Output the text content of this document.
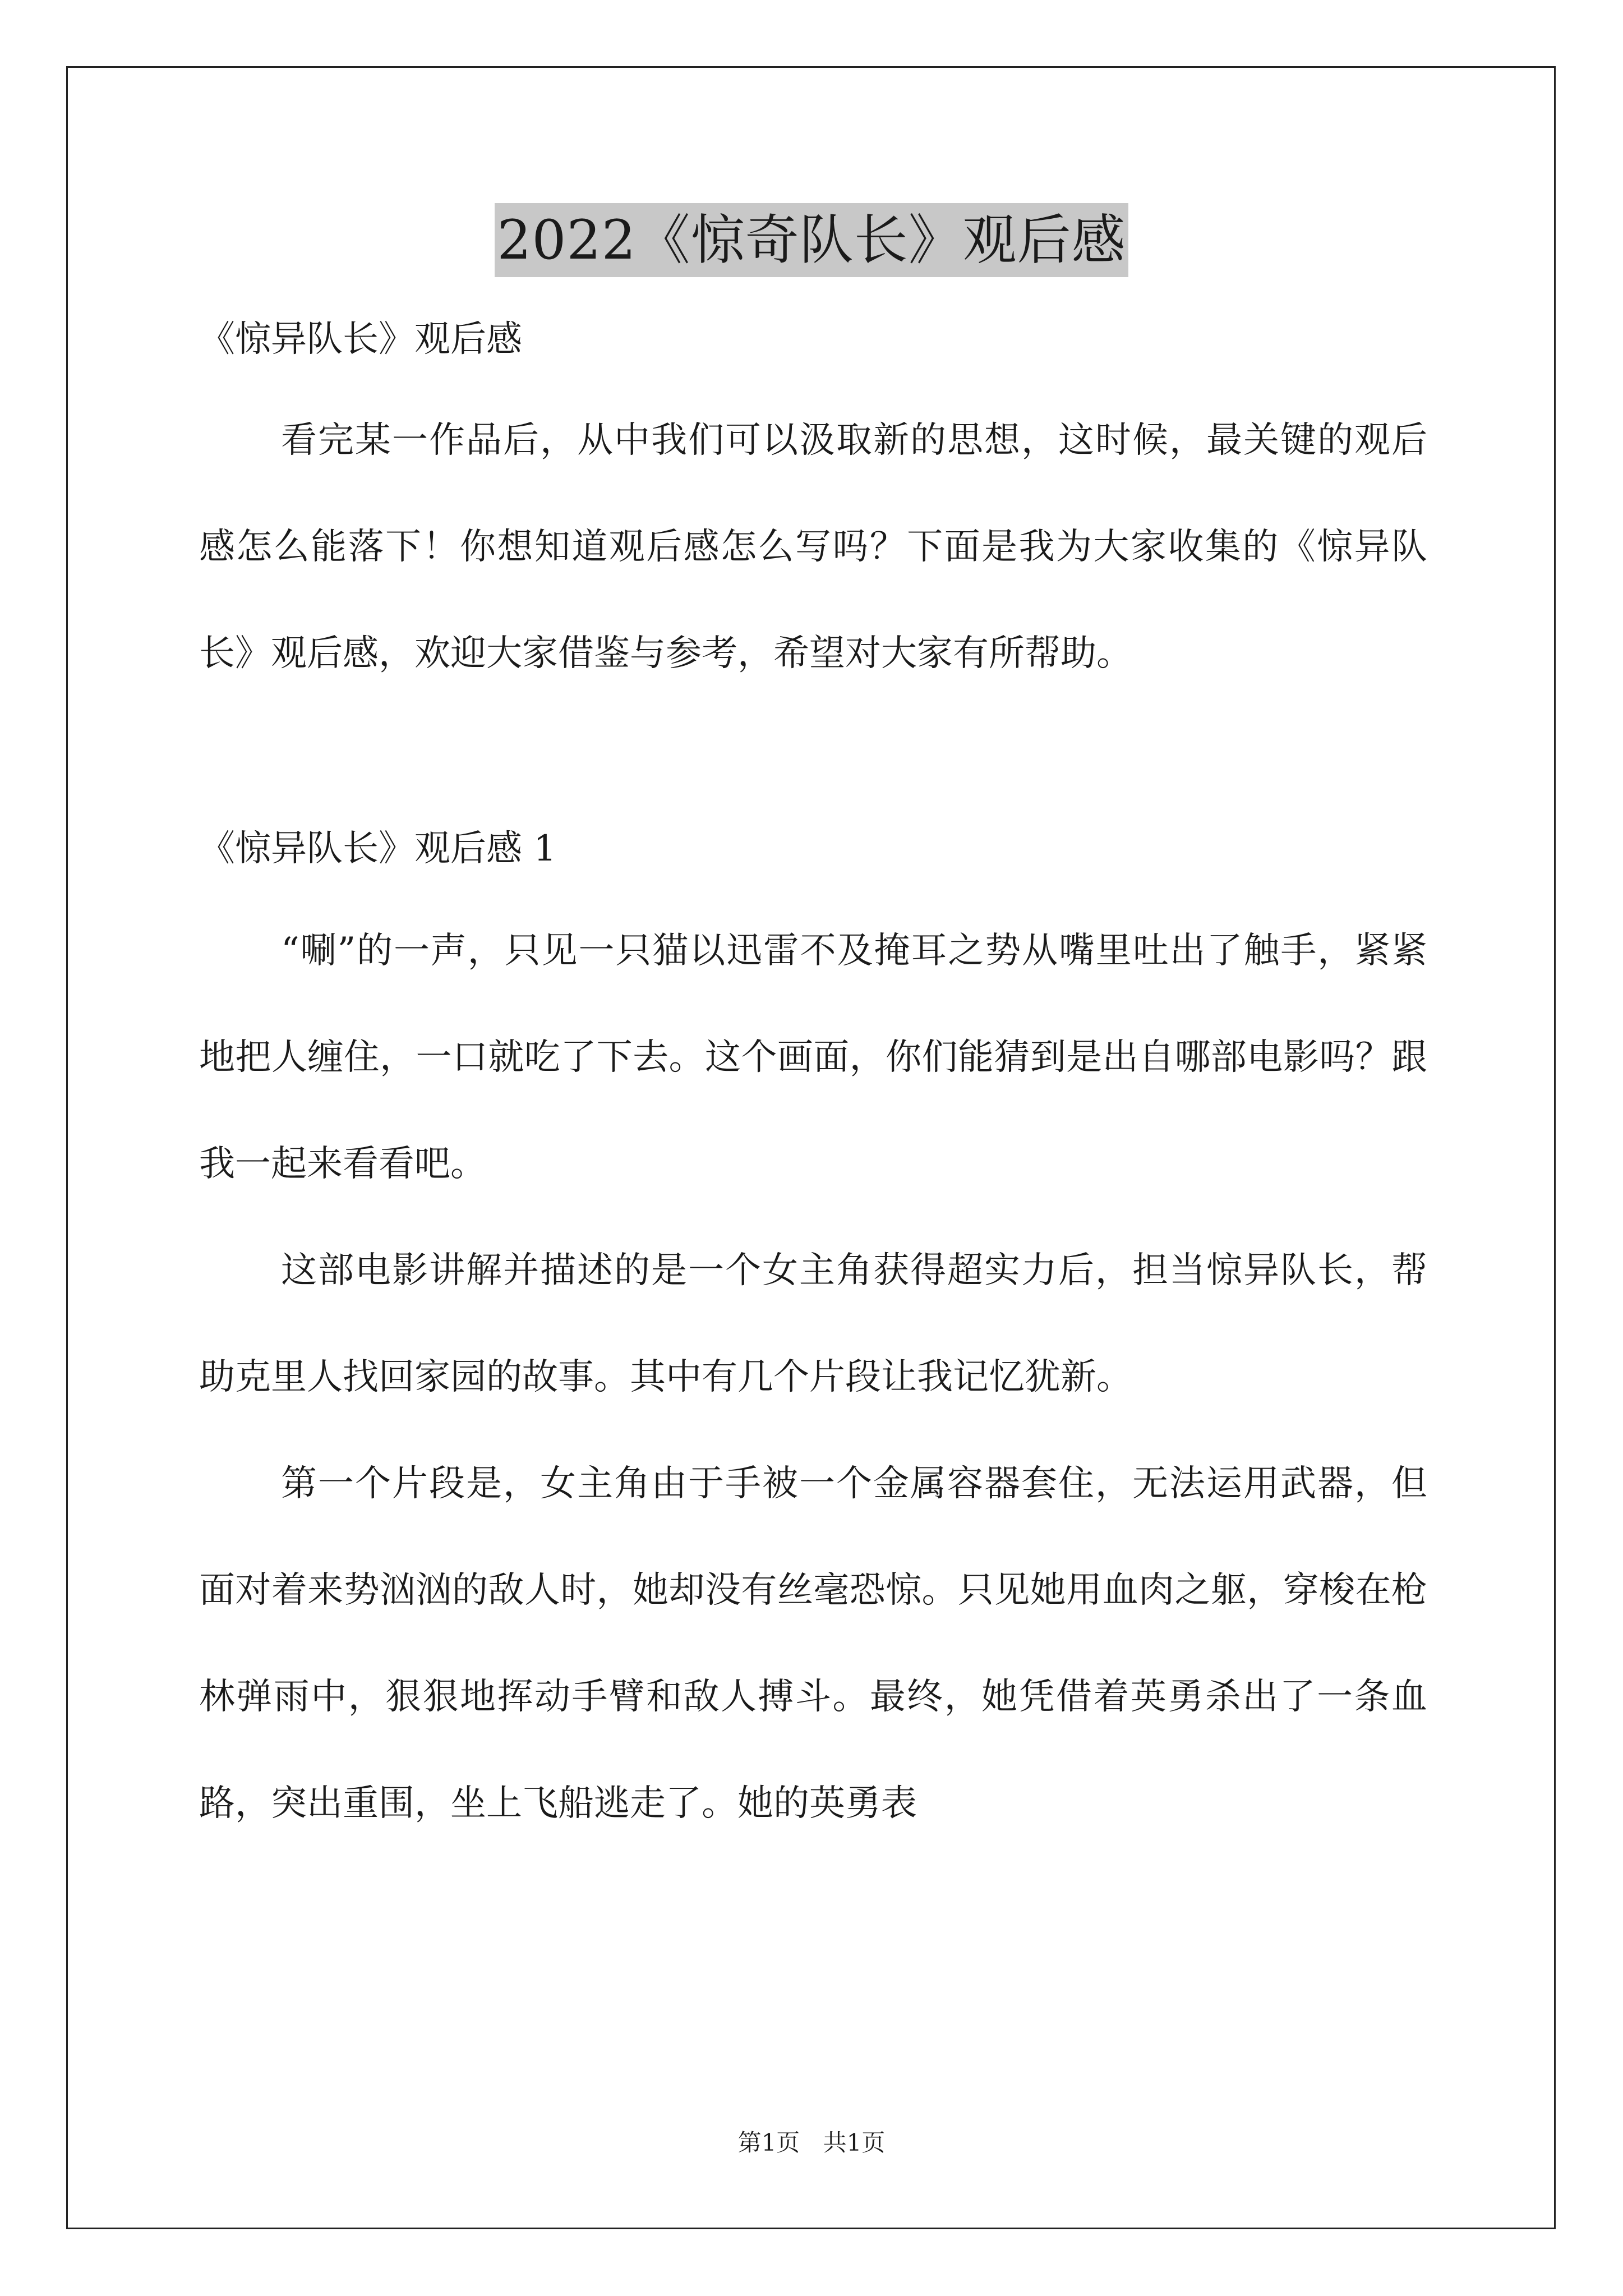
2022《惊奇队长》观后感

《惊异队长》观后感

看完某一作品后，从中我们可以汲取新的思想，这时候，最关键的观后感怎么能落下！你想知道观后感怎么写吗？下面是我为大家收集的《惊异队长》观后感，欢迎大家借鉴与参考，希望对大家有所帮助。

《惊异队长》观后感 1

“唰”的一声，只见一只猫以迅雷不及掩耳之势从嘴里吐出了触手，紧紧地把人缠住，一口就吃了下去。这个画面，你们能猜到是出自哪部电影吗？跟我一起来看看吧。

这部电影讲解并描述的是一个女主角获得超实力后，担当惊异队长，帮助克里人找回家园的故事。其中有几个片段让我记忆犹新。

第一个片段是，女主角由于手被一个金属容器套住，无法运用武器，但面对着来势汹汹的敌人时，她却没有丝毫恐惊。只见她用血肉之躯，穿梭在枪林弹雨中，狠狠地挥动手臂和敌人搏斗。最终，她凭借着英勇杀出了一条血路，突出重围，坐上飞船逃走了。她的英勇表

第1页 共1页
